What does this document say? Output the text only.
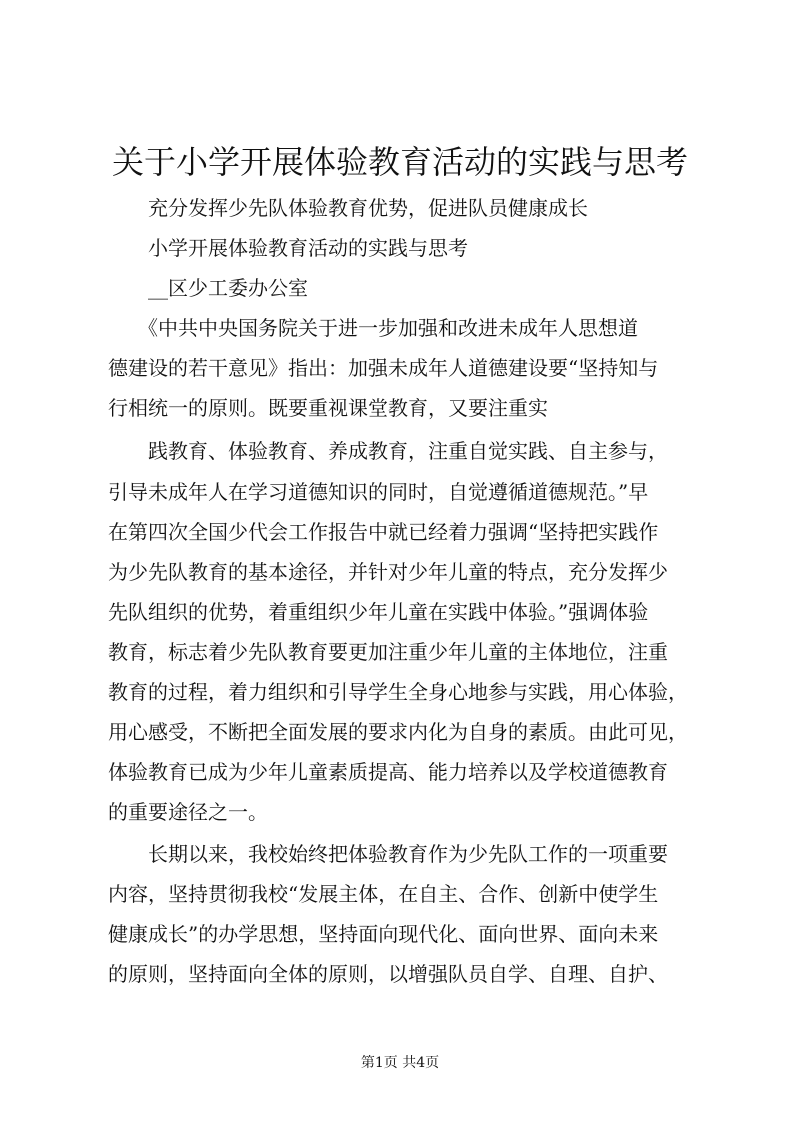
关于小学开展体验教育活动的实践与思考
充分发挥少先队体验教育优势，促进队员健康成长
小学开展体验教育活动的实践与思考
__区少工委办公室
　　《中共中央国务院关于进一步加强和改进未成年人思想道
德建设的若干意见》指出：加强未成年人道德建设要“坚持知与
行相统一的原则。既要重视课堂教育，又要注重实
　　践教育、体验教育、养成教育，注重自觉实践、自主参与，
引导未成年人在学习道德知识的同时，自觉遵循道德规范。”早
在第四次全国少代会工作报告中就已经着力强调“坚持把实践作
为少先队教育的基本途径，并针对少年儿童的特点，充分发挥少
先队组织的优势，着重组织少年儿童在实践中体验。”强调体验
教育，标志着少先队教育要更加注重少年儿童的主体地位，注重
教育的过程，着力组织和引导学生全身心地参与实践，用心体验，
用心感受，不断把全面发展的要求内化为自身的素质。由此可见，
体验教育已成为少年儿童素质提高、能力培养以及学校道德教育
的重要途径之一。
　　长期以来，我校始终把体验教育作为少先队工作的一项重要
内容，坚持贯彻我校“发展主体，在自主、合作、创新中使学生
健康成长”的办学思想，坚持面向现代化、面向世界、面向未来
的原则，坚持面向全体的原则，以增强队员自学、自理、自护、
第1页 共4页
